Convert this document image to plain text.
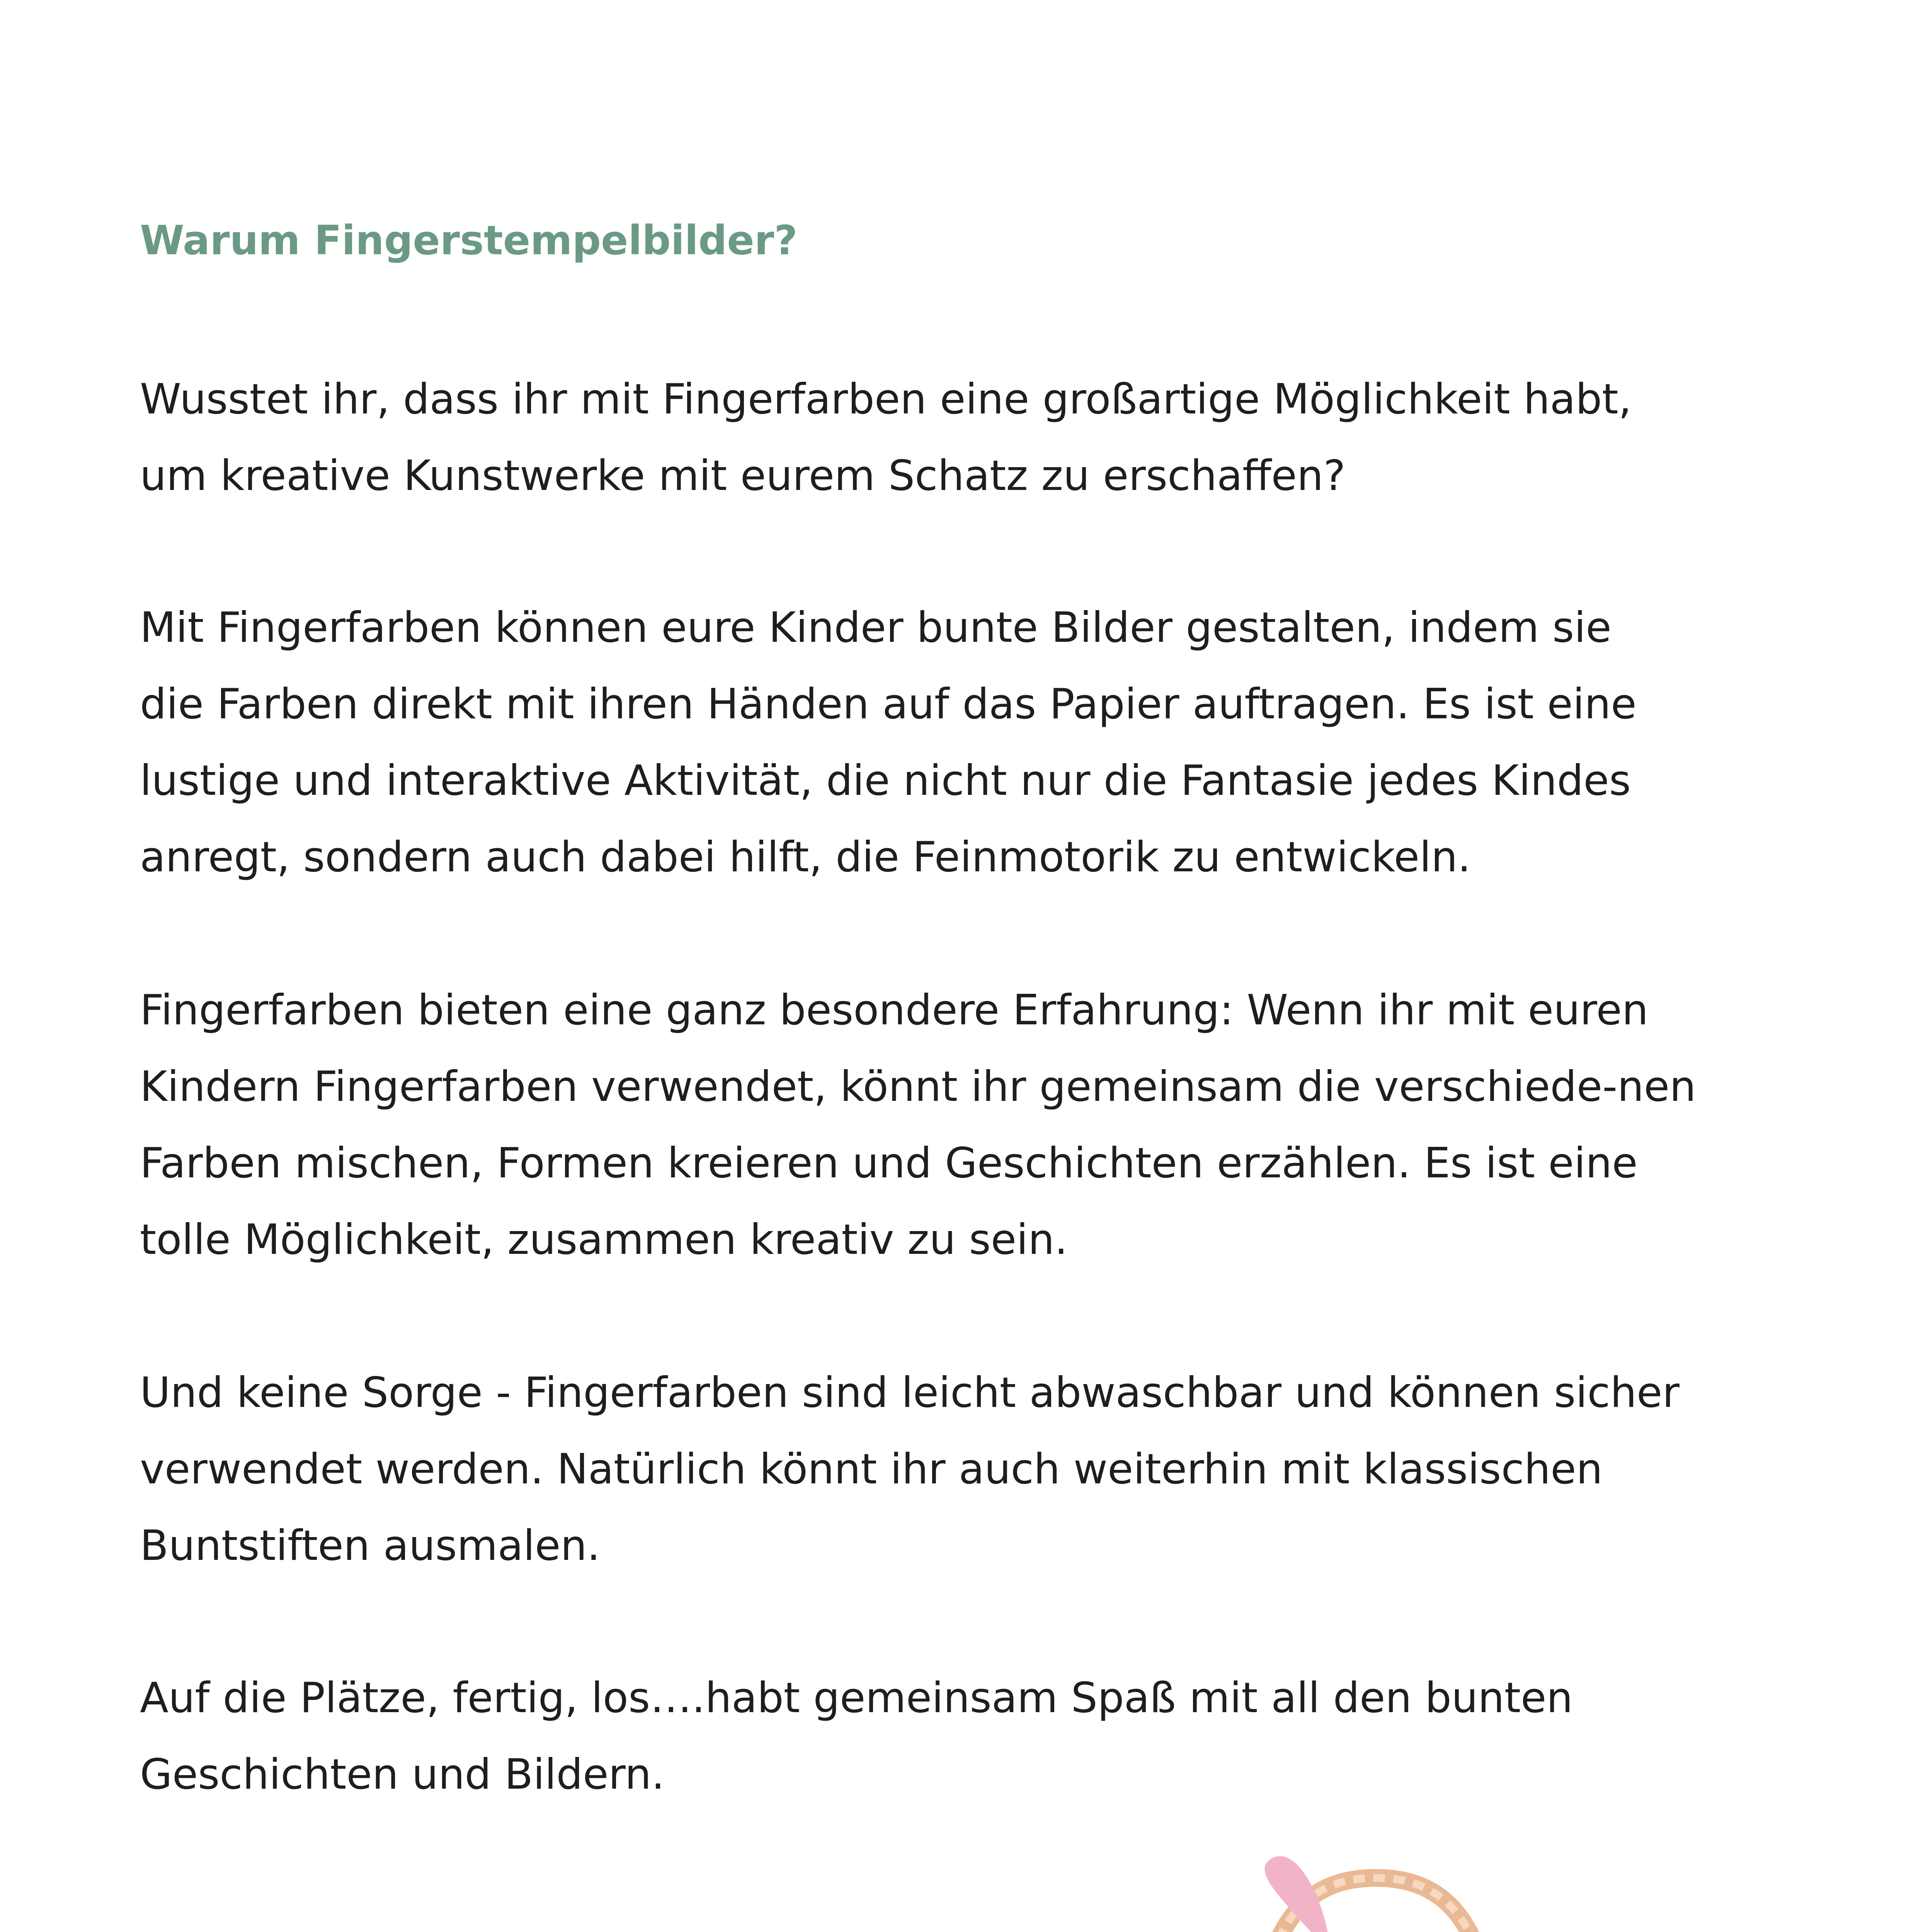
Warum Fingerstempelbilder?

Wusstet ihr, dass ihr mit Fingerfarben eine großartige Möglichkeit habt,
um kreative Kunstwerke mit eurem Schatz zu erschaffen?

Mit Fingerfarben können eure Kinder bunte Bilder gestalten, indem sie
die Farben direkt mit ihren Händen auf das Papier auftragen. Es ist eine
lustige und interaktive Aktivität, die nicht nur die Fantasie jedes Kindes
anregt, sondern auch dabei hilft, die Feinmotorik zu entwickeln.

Fingerfarben bieten eine ganz besondere Erfahrung: Wenn ihr mit euren
Kindern Fingerfarben verwendet, könnt ihr gemeinsam die verschiede-nen
Farben mischen, Formen kreieren und Geschichten erzählen. Es ist eine
tolle Möglichkeit, zusammen kreativ zu sein.

Und keine Sorge - Fingerfarben sind leicht abwaschbar und können sicher
verwendet werden. Natürlich könnt ihr auch weiterhin mit klassischen
Buntstiften ausmalen.

Auf die Plätze, fertig, los….habt gemeinsam Spaß mit all den bunten
Geschichten und Bildern.
